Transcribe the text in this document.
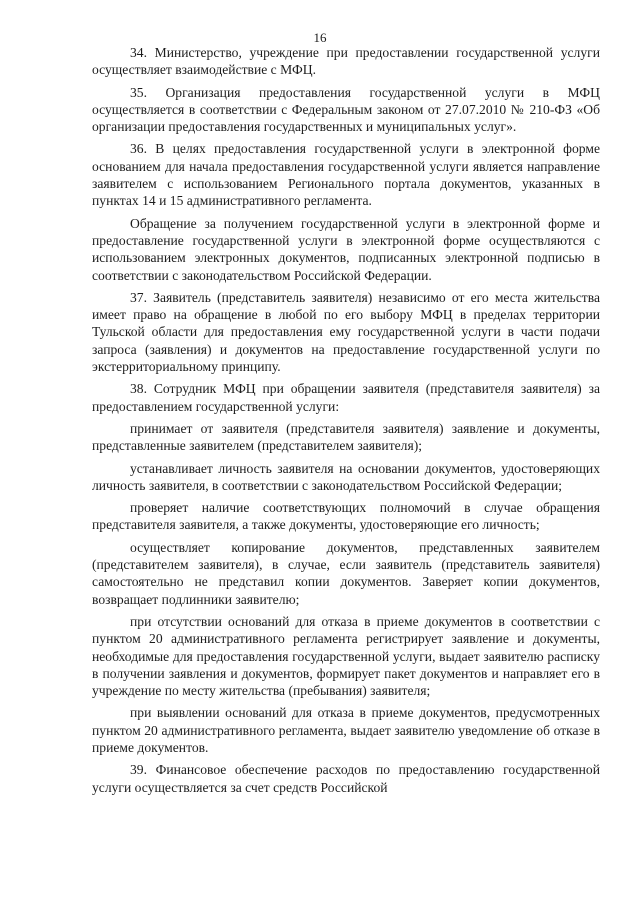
16

34. Министерство, учреждение при предоставлении государственной услуги осуществляет взаимодействие с МФЦ.

35. Организация предоставления государственной услуги в МФЦ осуществляется в соответствии с Федеральным законом от 27.07.2010 № 210-ФЗ «Об организации предоставления государственных и муниципальных услуг».

36. В целях предоставления государственной услуги в электронной форме основанием для начала предоставления государственной услуги является направление заявителем с использованием Регионального портала документов, указанных в пунктах 14 и 15 административного регламента.

Обращение за получением государственной услуги в электронной форме и предоставление государственной услуги в электронной форме осуществляются с использованием электронных документов, подписанных электронной подписью в соответствии с законодательством Российской Федерации.

37. Заявитель (представитель заявителя) независимо от его места жительства имеет право на обращение в любой по его выбору МФЦ в пределах территории Тульской области для предоставления ему государственной услуги в части подачи запроса (заявления) и документов на предоставление государственной услуги по экстерриториальному принципу.

38. Сотрудник МФЦ при обращении заявителя (представителя заявителя) за предоставлением государственной услуги:

принимает от заявителя (представителя заявителя) заявление и документы, представленные заявителем (представителем заявителя);

устанавливает личность заявителя на основании документов, удостоверяющих личность заявителя, в соответствии с законодательством Российской Федерации;

проверяет наличие соответствующих полномочий в случае обращения представителя заявителя, а также документы, удостоверяющие его личность;

осуществляет копирование документов, представленных заявителем (представителем заявителя), в случае, если заявитель (представитель заявителя) самостоятельно не представил копии документов. Заверяет копии документов, возвращает подлинники заявителю;

при отсутствии оснований для отказа в приеме документов в соответствии с пунктом 20 административного регламента регистрирует заявление и документы, необходимые для предоставления государственной услуги, выдает заявителю расписку в получении заявления и документов, формирует пакет документов и направляет его в учреждение по месту жительства (пребывания) заявителя;

при выявлении оснований для отказа в приеме документов, предусмотренных пунктом 20 административного регламента, выдает заявителю уведомление об отказе в приеме документов.

39. Финансовое обеспечение расходов по предоставлению государственной услуги осуществляется за счет средств Российской
